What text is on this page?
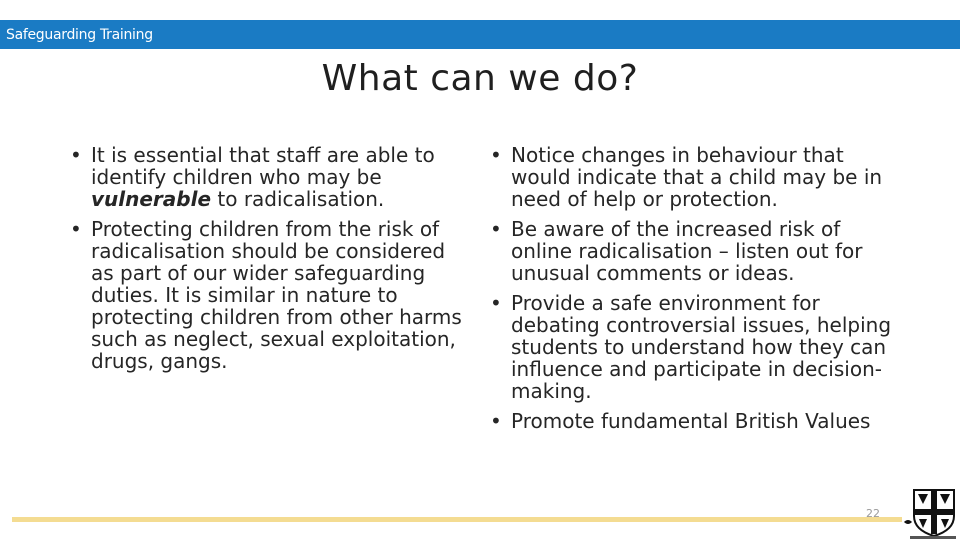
Safeguarding Training
What can we do?
• It is essential that staff are able to identify children who may be vulnerable to radicalisation.
• Protecting children from the risk of radicalisation should be considered as part of our wider safeguarding duties. It is similar in nature to protecting children from other harms such as neglect, sexual exploitation, drugs, gangs.
• Notice changes in behaviour that would indicate that a child may be in need of help or protection.
• Be aware of the increased risk of online radicalisation – listen out for unusual comments or ideas.
• Provide a safe environment for debating controversial issues, helping students to understand how they can influence and participate in decision-making.
• Promote fundamental British Values
22
